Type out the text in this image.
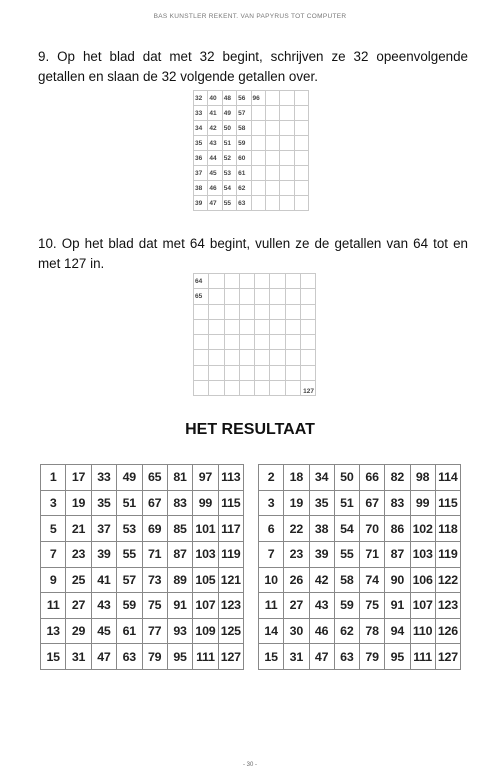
BAS KUNSTLER REKENT. VAN PAPYRUS TOT COMPUTER

9. Op het blad dat met 32 begint, schrijven ze 32 opeenvolgende getallen en slaan de 32 volgende getallen over.

32	40	48	56	96			
33	41	49	57				
34	42	50	58				
35	43	51	59				
36	44	52	60				
37	45	53	61				
38	46	54	62				
39	47	55	63				

10. Op het blad dat met 64 begint, vullen ze de getallen van 64 tot en met 127 in.

64							
65							

							127
HET RESULTAAT
1	17	33	49	65	81	97	113
3	19	35	51	67	83	99	115
5	21	37	53	69	85	101	117
7	23	39	55	71	87	103	119
9	25	41	57	73	89	105	121
11	27	43	59	75	91	107	123
13	29	45	61	77	93	109	125
15	31	47	63	79	95	111	127
2	18	34	50	66	82	98	114
3	19	35	51	67	83	99	115
6	22	38	54	70	86	102	118
7	23	39	55	71	87	103	119
10	26	42	58	74	90	106	122
11	27	43	59	75	91	107	123
14	30	46	62	78	94	110	126
15	31	47	63	79	95	111	127
- 30 -
